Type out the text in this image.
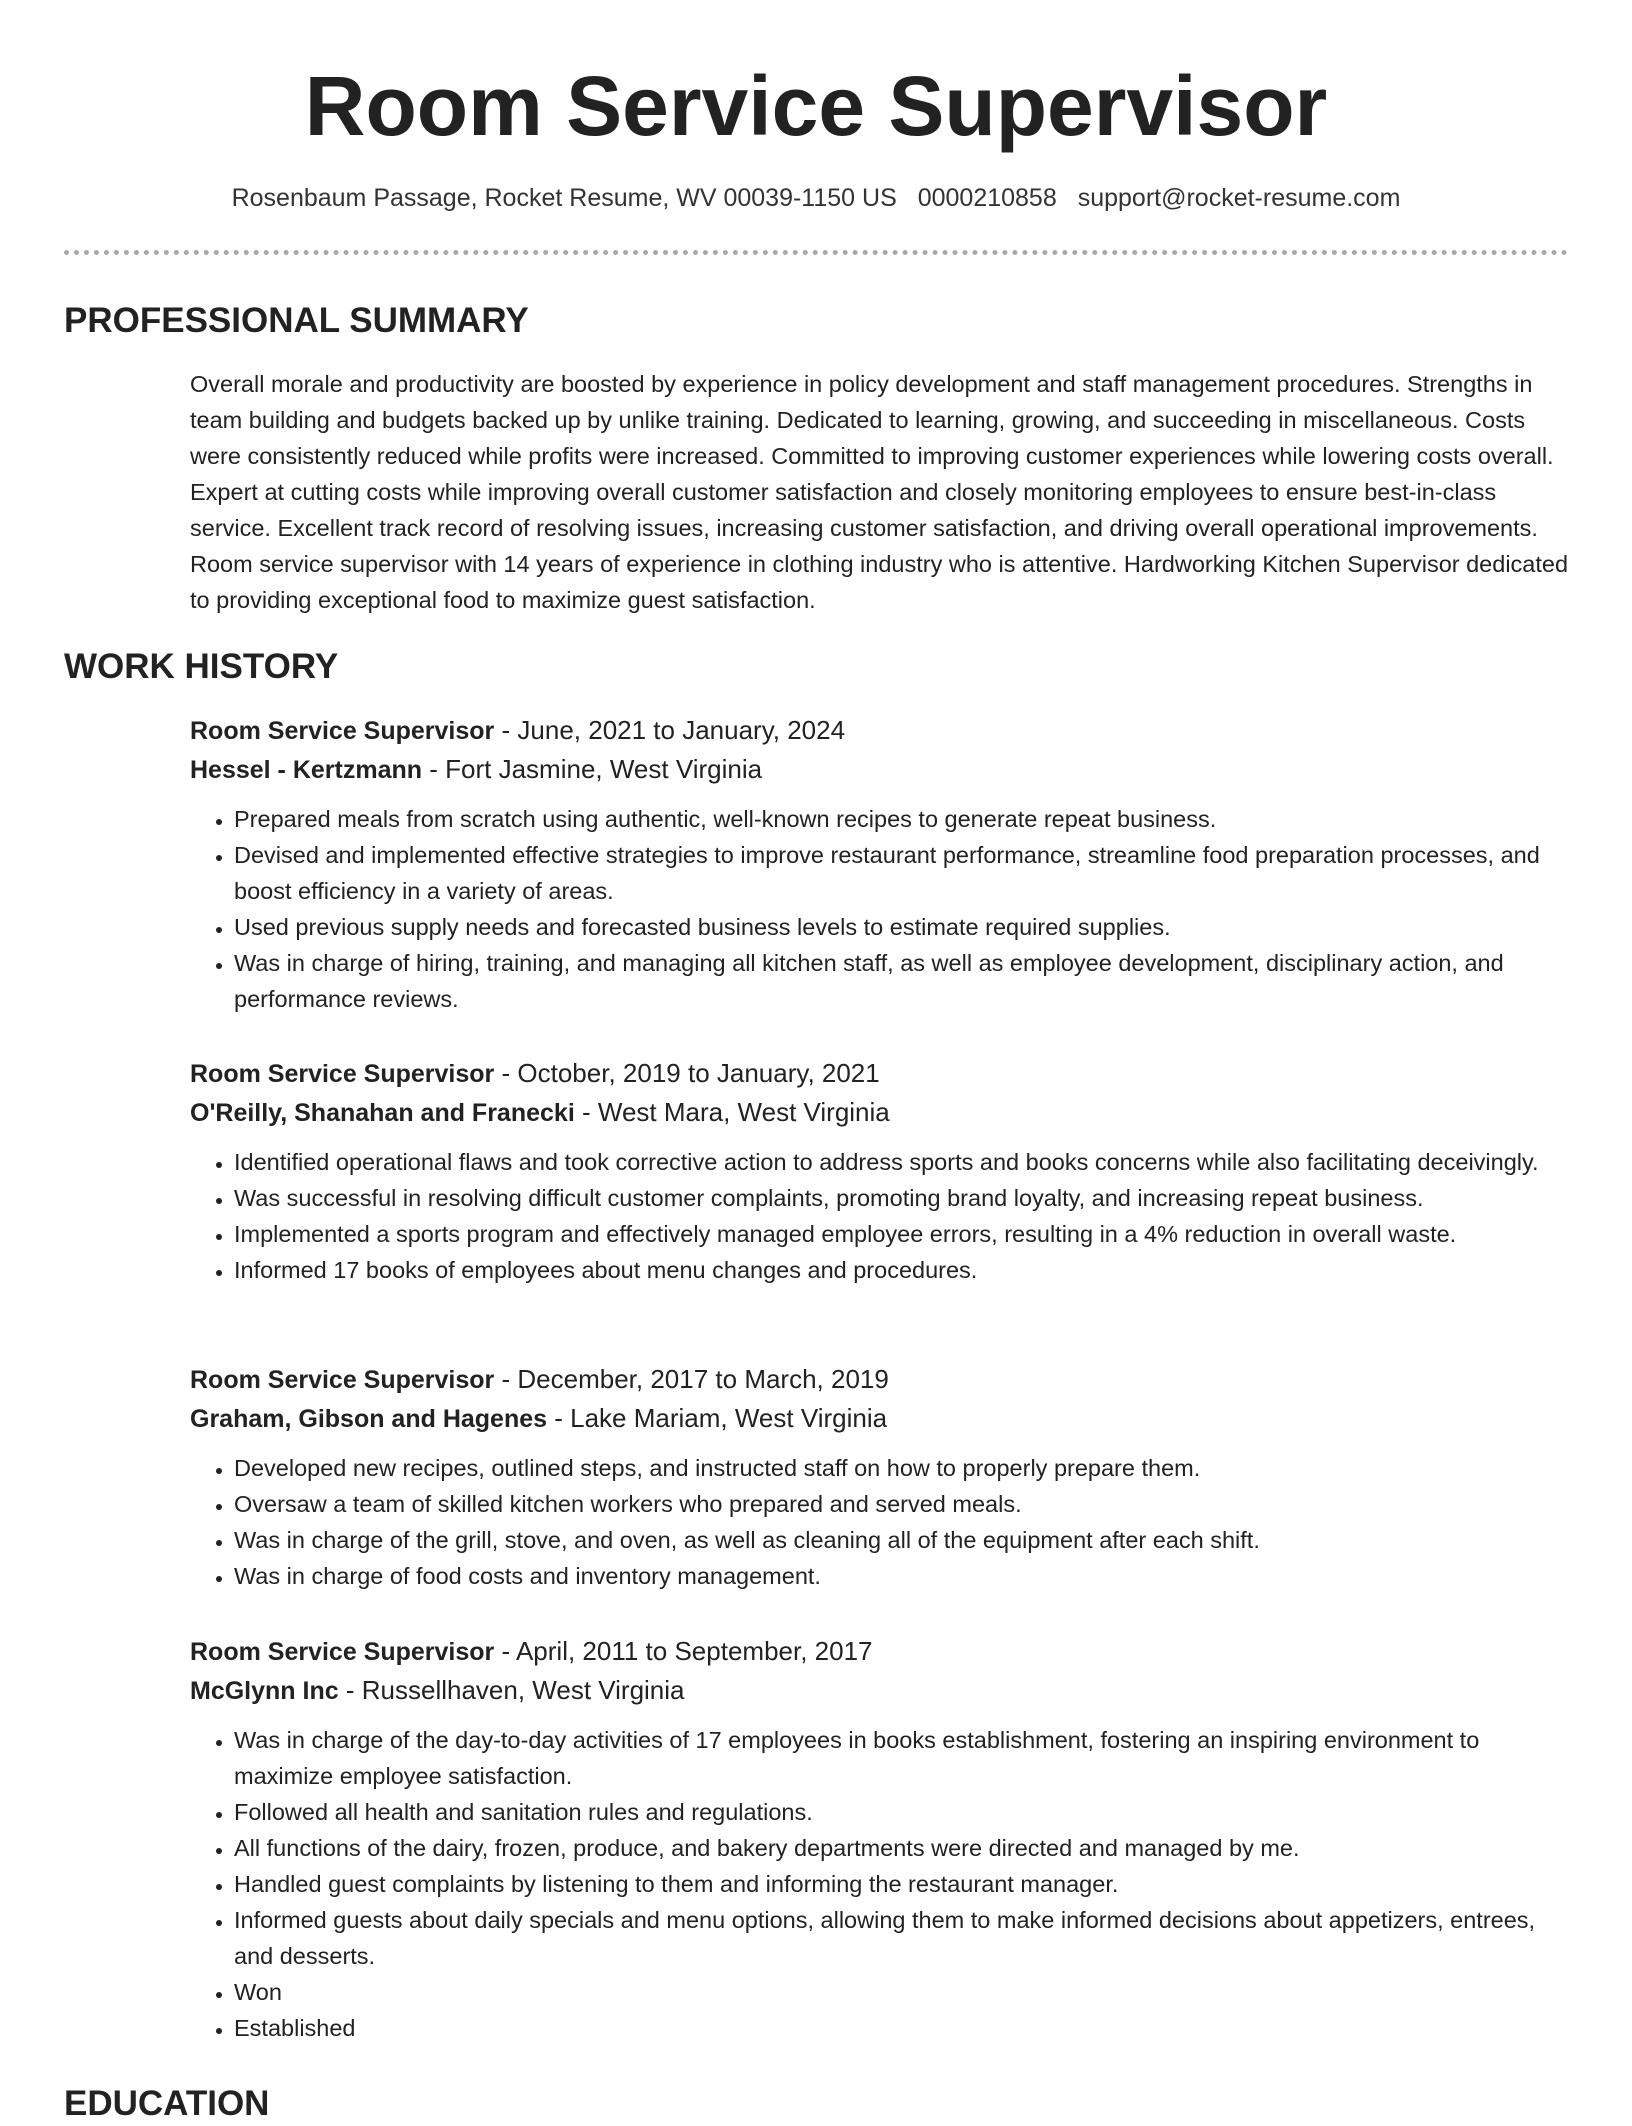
Room Service Supervisor
Rosenbaum Passage, Rocket Resume, WV 00039-1150 US 0000210858 support@rocket-resume.com
PROFESSIONAL SUMMARY

Overall morale and productivity are boosted by experience in policy development and staff management procedures. Strengths in team building and budgets backed up by unlike training. Dedicated to learning, growing, and succeeding in miscellaneous. Costs were consistently reduced while profits were increased. Committed to improving customer experiences while lowering costs overall. Expert at cutting costs while improving overall customer satisfaction and closely monitoring employees to ensure best-in-class service. Excellent track record of resolving issues, increasing customer satisfaction, and driving overall operational improvements. Room service supervisor with 14 years of experience in clothing industry who is attentive. Hardworking Kitchen Supervisor dedicated to providing exceptional food to maximize guest satisfaction.

WORK HISTORY
Room Service Supervisor - June, 2021 to January, 2024
Hessel - Kertzmann - Fort Jasmine, West Virginia
• Prepared meals from scratch using authentic, well-known recipes to generate repeat business.
• Devised and implemented effective strategies to improve restaurant performance, streamline food preparation processes, and boost efficiency in a variety of areas.
• Used previous supply needs and forecasted business levels to estimate required supplies.
• Was in charge of hiring, training, and managing all kitchen staff, as well as employee development, disciplinary action, and performance reviews.
Room Service Supervisor - October, 2019 to January, 2021
O'Reilly, Shanahan and Franecki - West Mara, West Virginia
• Identified operational flaws and took corrective action to address sports and books concerns while also facilitating deceivingly.
• Was successful in resolving difficult customer complaints, promoting brand loyalty, and increasing repeat business.
• Implemented a sports program and effectively managed employee errors, resulting in a 4% reduction in overall waste.
• Informed 17 books of employees about menu changes and procedures.
Room Service Supervisor - December, 2017 to March, 2019
Graham, Gibson and Hagenes - Lake Mariam, West Virginia
• Developed new recipes, outlined steps, and instructed staff on how to properly prepare them.
• Oversaw a team of skilled kitchen workers who prepared and served meals.
• Was in charge of the grill, stove, and oven, as well as cleaning all of the equipment after each shift.
• Was in charge of food costs and inventory management.
Room Service Supervisor - April, 2011 to September, 2017
McGlynn Inc - Russellhaven, West Virginia
• Was in charge of the day-to-day activities of 17 employees in books establishment, fostering an inspiring environment to maximize employee satisfaction.
• Followed all health and sanitation rules and regulations.
• All functions of the dairy, frozen, produce, and bakery departments were directed and managed by me.
• Handled guest complaints by listening to them and informing the restaurant manager.
• Informed guests about daily specials and menu options, allowing them to make informed decisions about appetizers, entrees, and desserts.
• Won
• Established
EDUCATION
